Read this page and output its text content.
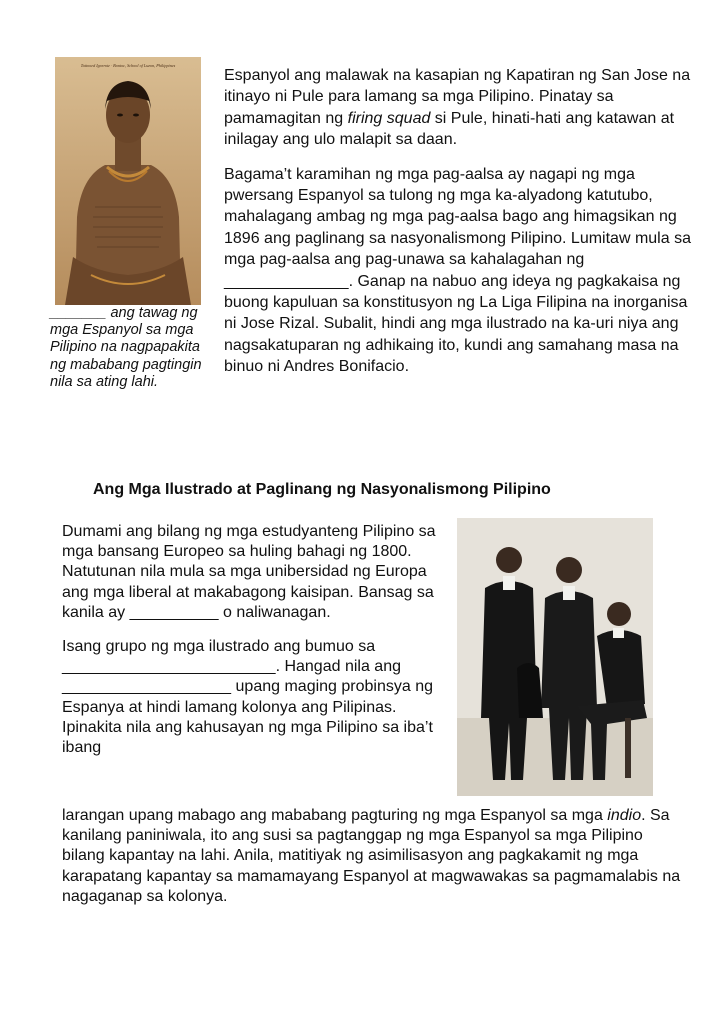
Tattooed Igorrote · Bontoc, School of Luzon, Philippines
_______ ang tawag ng mga Espanyol sa mga Pilipino na nagpapakita ng mababang pagtingin nila sa ating lahi.

Espanyol ang malawak na kasapian ng Kapatiran ng San Jose na itinayo ni Pule para lamang sa mga Pilipino. Pinatay sa pamamagitan ng firing squad si Pule, hinati-hati ang katawan at inilagay ang ulo malapit sa daan.

Bagama’t karamihan ng mga pag-aalsa ay nagapi ng mga pwersang Espanyol sa tulong ng mga ka-alyadong katutubo, mahalagang ambag ng mga pag-aalsa bago ang himagsikan ng 1896 ang paglinang sa nasyonalismong Pilipino. Lumitaw mula sa mga pag-aalsa ang pag-unawa sa kahalagahan ng ______________. Ganap na nabuo ang ideya ng pagkakaisa ng buong kapuluan sa konstitusyon ng La Liga Filipina na inorganisa ni Jose Rizal. Subalit, hindi ang mga ilustrado na ka-uri niya ang nagsakatuparan ng adhikaing ito, kundi ang samahang masa na binuo ni Andres Bonifacio.

Ang Mga Ilustrado at Paglinang ng Nasyonalismong Pilipino

Dumami ang bilang ng mga estudyanteng Pilipino sa mga bansang Europeo sa huling bahagi ng 1800. Natutunan nila mula sa mga unibersidad ng Europa ang mga liberal at makabagong kaisipan. Bansag sa kanila ay __________ o naliwanagan.

Isang grupo ng mga ilustrado ang bumuo sa ________________________. Hangad nila ang ___________________ upang maging probinsya ng Espanya at hindi lamang kolonya ang Pilipinas. Ipinakita nila ang kahusayan ng mga Pilipino sa iba’t ibang

larangan upang mabago ang mababang pagturing ng mga Espanyol sa mga indio. Sa kanilang paniniwala, ito ang susi sa pagtanggap ng mga Espanyol sa mga Pilipino bilang kapantay na lahi. Anila, matitiyak ng asimilisasyon ang pagkakamit ng mga karapatang kapantay sa mamamayang Espanyol at magwawakas sa pagmamalabis na nagaganap sa kolonya.
